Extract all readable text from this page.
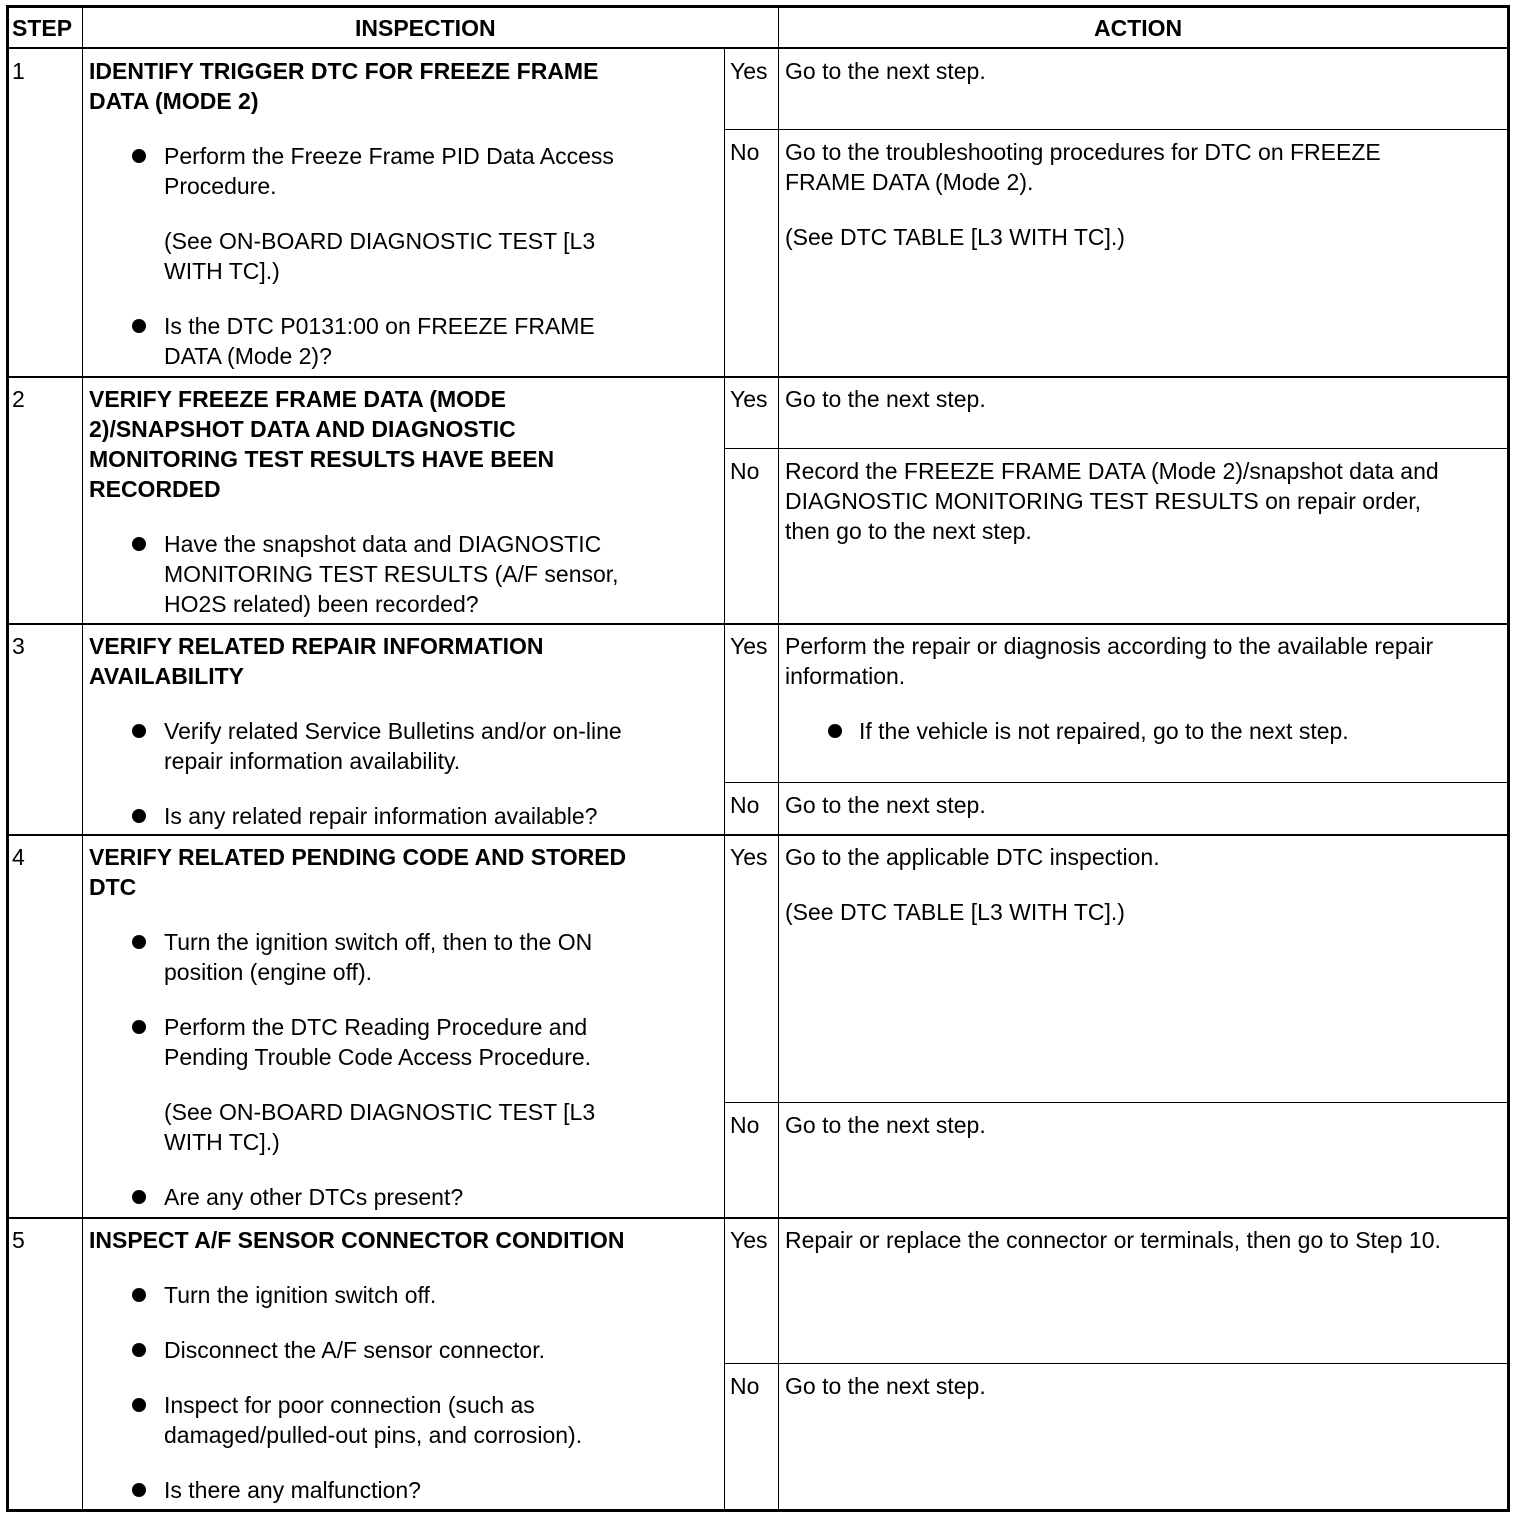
STEP	INSPECTION	ACTION
1	IDENTIFY TRIGGER DTC FOR FREEZE FRAME
DATA (MODE 2)
Perform the Freeze Frame PID Data Access
Procedure.
(See ON-BOARD DIAGNOSTIC TEST [L3
WITH TC].)
Is the DTC P0131:00 on FREEZE FRAME
DATA (Mode 2)?
Yes Go to the next step.
No Go to the troubleshooting procedures for DTC on FREEZE
FRAME DATA (Mode 2).
(See DTC TABLE [L3 WITH TC].)
2	VERIFY FREEZE FRAME DATA (MODE
2)/SNAPSHOT DATA AND DIAGNOSTIC
MONITORING TEST RESULTS HAVE BEEN
RECORDED
Have the snapshot data and DIAGNOSTIC
MONITORING TEST RESULTS (A/F sensor,
HO2S related) been recorded?
Yes Go to the next step.
No Record the FREEZE FRAME DATA (Mode 2)/snapshot data and
DIAGNOSTIC MONITORING TEST RESULTS on repair order,
then go to the next step.
3	VERIFY RELATED REPAIR INFORMATION
AVAILABILITY
Verify related Service Bulletins and/or on-line
repair information availability.
Is any related repair information available?
Yes Perform the repair or diagnosis according to the available repair
information.
If the vehicle is not repaired, go to the next step.
No Go to the next step.
4	VERIFY RELATED PENDING CODE AND STORED
DTC
Turn the ignition switch off, then to the ON
position (engine off).
Perform the DTC Reading Procedure and
Pending Trouble Code Access Procedure.
(See ON-BOARD DIAGNOSTIC TEST [L3
WITH TC].)
Are any other DTCs present?
Yes Go to the applicable DTC inspection.
(See DTC TABLE [L3 WITH TC].)
No Go to the next step.
5	INSPECT A/F SENSOR CONNECTOR CONDITION
Turn the ignition switch off.
Disconnect the A/F sensor connector.
Inspect for poor connection (such as
damaged/pulled-out pins, and corrosion).
Is there any malfunction?
Yes Repair or replace the connector or terminals, then go to Step 10.
No Go to the next step.
